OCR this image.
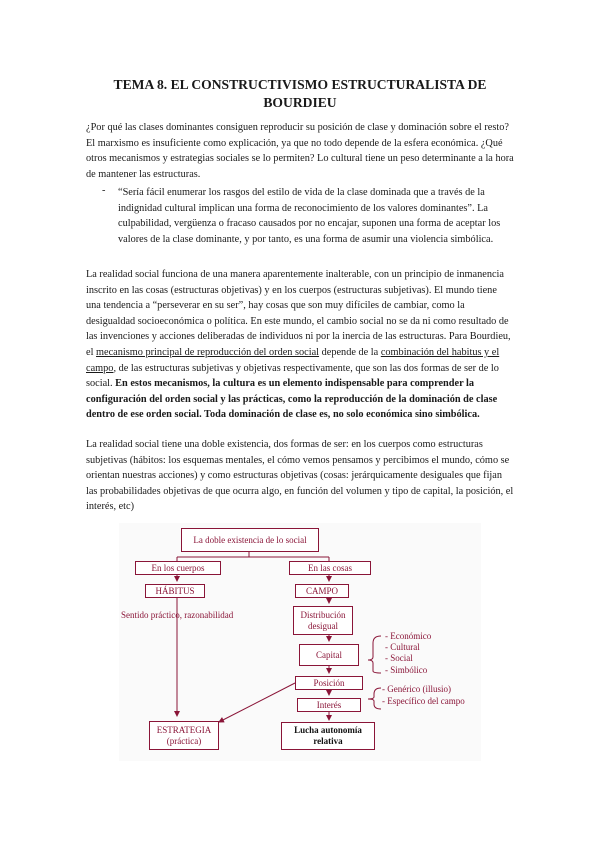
TEMA 8. EL CONSTRUCTIVISMO ESTRUCTURALISTA DE
BOURDIEU

¿Por qué las clases dominantes consiguen reproducir su posición de clase y dominación sobre el resto? El marxismo es insuficiente como explicación, ya que no todo depende de la esfera económica. ¿Qué otros mecanismos y estrategias sociales se lo permiten? Lo cultural tiene un peso determinante a la hora de mantener las estructuras.

- “Sería fácil enumerar los rasgos del estilo de vida de la clase dominada que a través de la indignidad cultural implican una forma de reconocimiento de los valores dominantes”. La culpabilidad, vergüenza o fracaso causados por no encajar, suponen una forma de aceptar los valores de la clase dominante, y por tanto, es una forma de asumir una violencia simbólica.

La realidad social funciona de una manera aparentemente inalterable, con un principio de inmanencia inscrito en las cosas (estructuras objetivas) y en los cuerpos (estructuras subjetivas). El mundo tiene una tendencia a “perseverar en su ser”, hay cosas que son muy difíciles de cambiar, como la desigualdad socioeconómica o política. En este mundo, el cambio social no se da ni como resultado de las invenciones y acciones deliberadas de individuos ni por la inercia de las estructuras. Para Bourdieu, el mecanismo principal de reproducción del orden social depende de la combinación del habitus y el campo, de las estructuras subjetivas y objetivas respectivamente, que son las dos formas de ser de lo social. En estos mecanismos, la cultura es un elemento indispensable para comprender la configuración del orden social y las prácticas, como la reproducción de la dominación de clase dentro de ese orden social. Toda dominación de clase es, no solo económica sino simbólica.

La realidad social tiene una doble existencia, dos formas de ser: en los cuerpos como estructuras subjetivas (hábitos: los esquemas mentales, el cómo vemos pensamos y percibimos el mundo, cómo se orientan nuestras acciones) y como estructuras objetivas (cosas: jerárquicamente desiguales que fijan las probabilidades objetivas de que ocurra algo, en función del volumen y tipo de capital, la posición, el interés, etc)

La doble existencia de lo social
En los cuerpos	En las cosas
HÁBITUS	CAMPO
Sentido práctico, razonabilidad	Distribución desigual
Capital
- Económico
- Cultural
- Social
- Simbólico
Posición
Interés
- Genérico (illusio)
- Específico del campo
ESTRATEGIA (práctica)
Lucha autonomía relativa
